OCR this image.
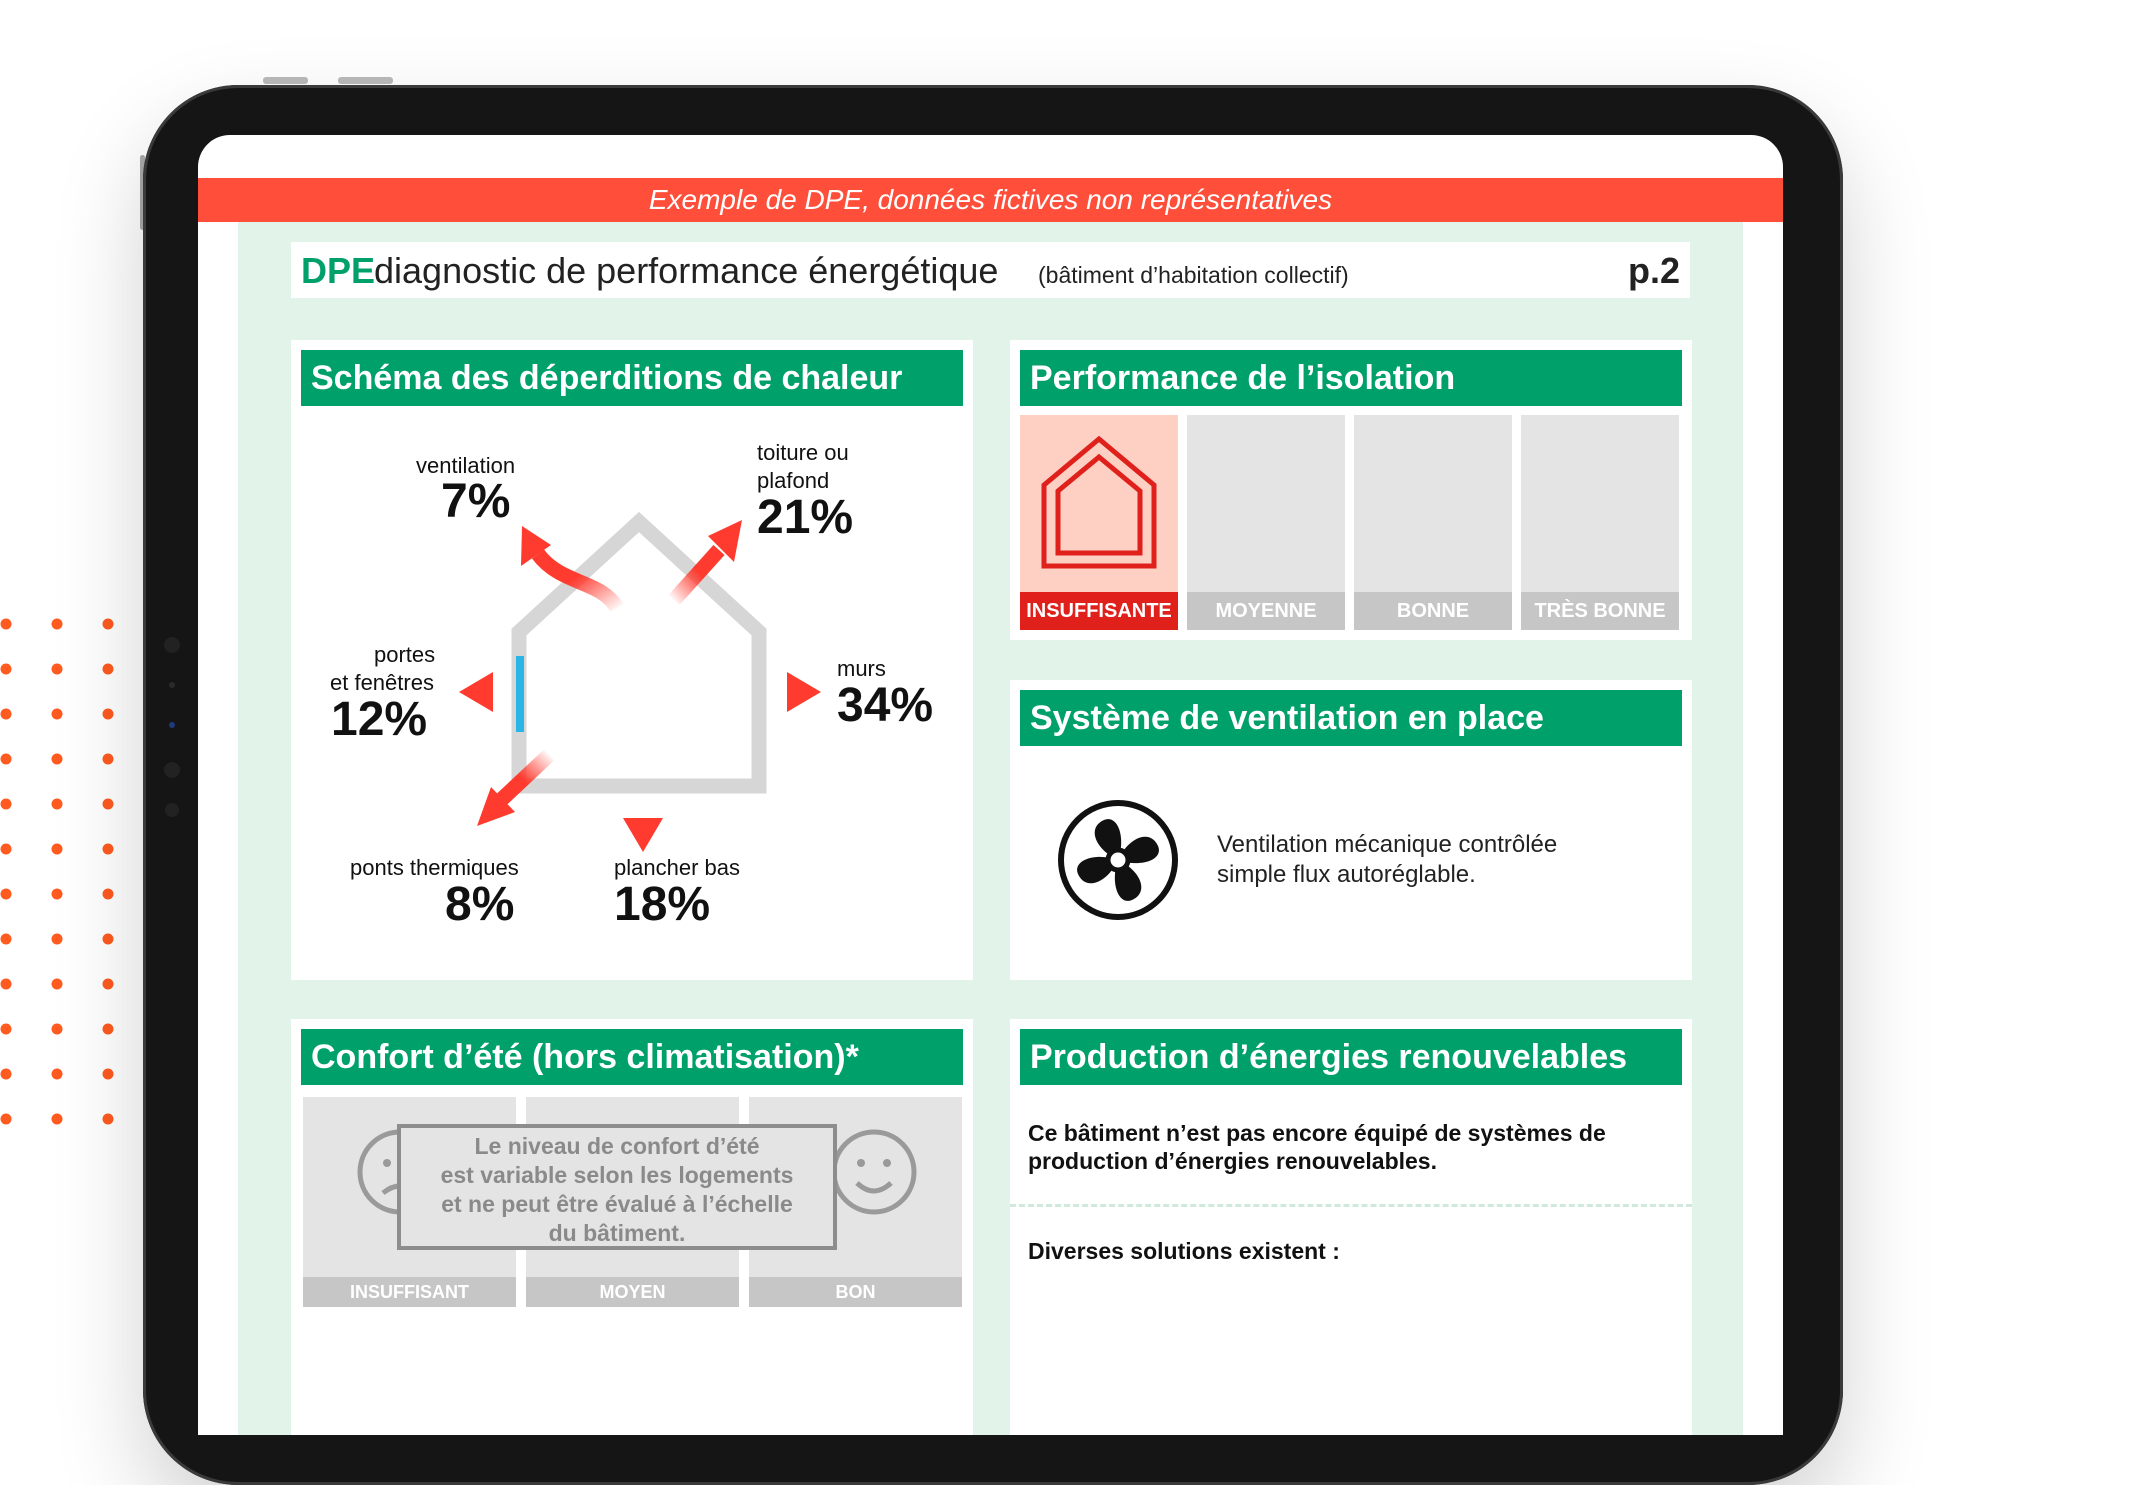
Exemple de DPE, données fictives non représentatives
DPE
diagnostic de performance énergétique (bâtiment d’habitation collectif)	p.2
Schéma des déperditions de chaleur
ventilation
7%
toiture ou
plafond
21%
portes
et fenêtres
12%
murs
34%
ponts thermiques
8%
plancher bas
18%
Performance de l’isolation
INSUFFISANTE	MOYENNE	BONNE	TRÈS BONNE
Système de ventilation en place
Ventilation mécanique contrôlée
simple flux autoréglable.
Confort d’été (hors climatisation)*
INSUFFISANT	MOYEN	BON
Le niveau de confort d’été
est variable selon les logements
et ne peut être évalué à l’échelle
du bâtiment.
Production d’énergies renouvelables
Ce bâtiment n’est pas encore équipé de systèmes de
production d’énergies renouvelables.
Diverses solutions existent :
